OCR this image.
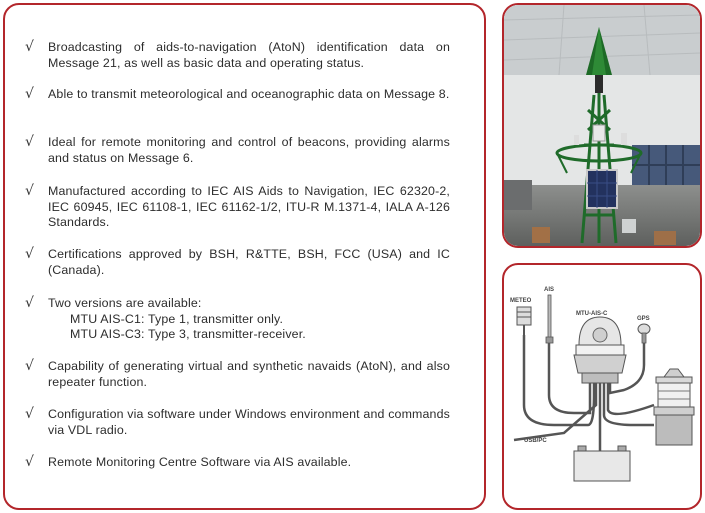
√ Broadcasting of aids-to-navigation (AtoN) identification data on Message 21, as well as basic data and operating status.
√ Able to transmit meteorological and oceanographic data on Message 8.
√ Ideal for remote monitoring and control of beacons, providing alarms and status on Message 6.
√ Manufactured according to IEC AIS Aids to Navigation, IEC 62320-2, IEC 60945, IEC 61108-1, IEC 61162-1/2, ITU-R M.1371-4, IALA A-126 Standards.
√ Certifications approved by BSH, R&TTE, BSH, FCC (USA) and IC (Canada).
√ Two versions are available:
MTU AIS-C1: Type 1, transmitter only.
MTU AIS-C3: Type 3, transmitter-receiver.
√ Capability of generating virtual and synthetic navaids (AtoN), and also repeater function.
√ Configuration via software under Windows environment and commands via VDL radio.
√ Remote Monitoring Centre Software via AIS available.
METEO
AIS
MTU-AIS-C
GPS
USB/PC
